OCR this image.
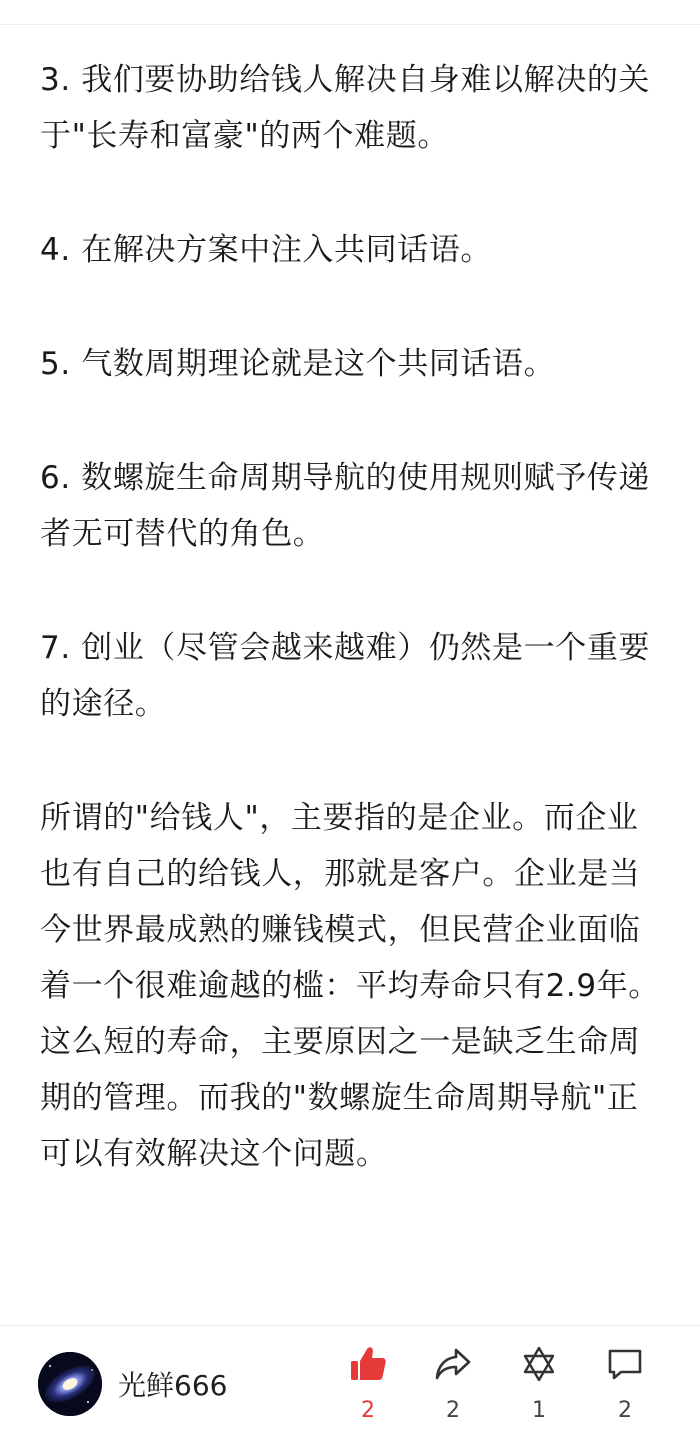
3. 我们要协助给钱人解决自身难以解决的关于"长寿和富豪"的两个难题。

4. 在解决方案中注入共同话语。

5. 气数周期理论就是这个共同话语。

6. 数螺旋生命周期导航的使用规则赋予传递者无可替代的角色。

7. 创业（尽管会越来越难）仍然是一个重要的途径。

所谓的"给钱人"，主要指的是企业。而企业也有自己的给钱人，那就是客户。企业是当今世界最成熟的赚钱模式，但民营企业面临着一个很难逾越的槛：平均寿命只有2.9年。这么短的寿命，主要原因之一是缺乏生命周期的管理。而我的"数螺旋生命周期导航"正可以有效解决这个问题。

光鲜666
2	2	1	2
